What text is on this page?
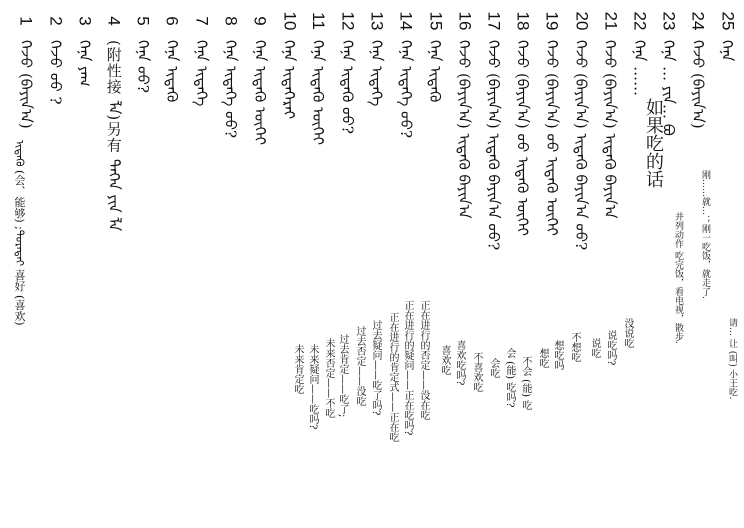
25
ᠭᠡᠨᠡ
24
ᠭᠡᠵᠦ (ᠪᠠᠶᠢᠨ᠎ᠠ)
23
ᠭᠡᠨᠡ … ᠶᠢᠨ… ᠪᠣ
22
ᠭᠡᠨᠡ ……
21
ᠭᠡᠵᠦ (ᠪᠠᠶᠢᠨ᠎ᠠ) ᠢᠳᠡᠬᠦ ᠪᠠᠶᠢᠨ᠎ᠠ
20
ᠭᠡᠵᠦ (ᠪᠠᠶᠢᠨ᠎ᠠ) ᠢᠳᠡᠬᠦ ᠪᠠᠶᠢᠨ᠎ᠠ ᠤᠤ?
19
ᠭᠡᠵᠦ (ᠪᠠᠶᠢᠨ᠎ᠠ) ᠤᠤ ᠢᠳᠡᠬᠦ ᠦᠭᠡᠢ
18
ᠭᠡᠵᠦ (ᠪᠠᠶᠢᠨ᠎ᠠ) ᠤᠤ ᠢᠳᠡᠬᠦ ᠦᠭᠡᠢ
17
ᠭᠡᠵᠦ (ᠪᠠᠶᠢᠨ᠎ᠠ) ᠢᠳᠡᠬᠦ ᠪᠠᠶᠢᠨ᠎ᠠ ᠤᠤ?
16
ᠭᠡᠵᠦ (ᠪᠠᠶᠢᠨ᠎ᠠ) ᠢᠳᠡᠬᠦ ᠪᠠᠶᠢᠨ᠎ᠠ
15
ᠭᠡᠨᠡ ᠢᠳᠡᠬᠦ
14
ᠭᠡᠨᠡ ᠢᠳᠡᠭᠡ ᠤᠤ?
13
ᠭᠡᠨᠡ ᠢᠳᠡᠭᠡ
12
ᠭᠡᠨᠡ ᠢᠳᠡᠬᠦ ᠤᠤ?
11
ᠭᠡᠨᠡ ᠢᠳᠡᠬᠦ ᠦᠭᠡᠢ
10
ᠭᠡᠨᠡ ᠢᠳᠡᠭᠡᠷᠡᠢ
9
ᠭᠡᠨᠡ ᠢᠳᠡᠬᠦ ᠦᠭᠡᠢ
8
ᠭᠡᠨᠡ ᠢᠳᠡᠭᠡ ᠤᠤ?
7
ᠭᠡᠨᠡ ᠢᠳᠡᠭᠡ
6
ᠭᠡᠨᠡ ᠢᠳᠡᠬᠦ
5
ᠭᠡᠨᠡ ᠤᠤ?
4
(附性接 ᠯᠠ)另有 ᠲᠡᠭᠡᠨ ᠶᠢᠨ ᠯᠠ
3
ᠭᠡᠨᠡ ᠶᠠᠭ
2
ᠭᠡᠵᠦ ᠤᠤ ?
1
ᠭᠡᠵᠦ (ᠪᠠᠶᠢᠨ᠎ᠠ)
如果吃的话
请… 让 (叫) 小王吃.
刚……就…；刚一吃饭，就走了.
并列动作 吃完饭，看电视，散步.
ᠢᠳᠡᠬᠦ (会、能够) ;ᠳᠤᠷᠠᠲᠠᠢ 喜好 (喜欢)
没说吃
说吃吗?
说吃
不想吃
想吃吗
想吃
不会 (能) 吃
会 (能) 吃吗?
会吃
不喜欢吃
喜欢吃吗?
喜欢吃
正在进行的否定——没在吃
正在进行的疑问——正在吃吗?
正在进行的肯定式——正在吃
过去疑问——吃了吗?
过去否定——没吃
过去肯定——吃了;
未来否定——不吃
未来疑问——吃吗?
未来肯定吃
